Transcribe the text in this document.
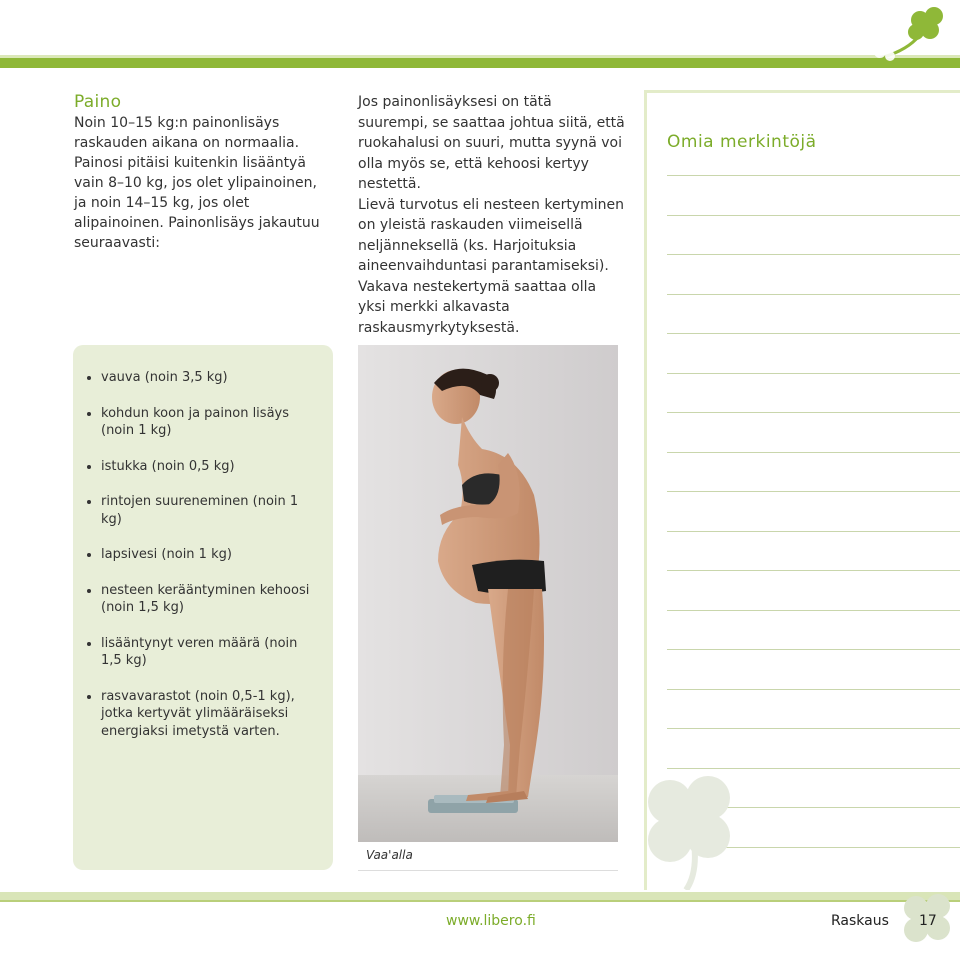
Paino

Noin 10–15 kg:n painonlisäys raskauden aikana on normaalia. Painosi pitäisi kuitenkin lisääntyä vain 8–10 kg, jos olet ylipainoinen, ja noin 14–15 kg, jos olet alipainoinen. Painonlisäys jakautuu seuraavasti:

Jos painonlisäyksesi on tätä suurempi, se saattaa johtua siitä, että ruokahalusi on suuri, mutta syynä voi olla myös se, että kehoosi kertyy nestettä.

Lievä turvotus eli nesteen kertyminen on yleistä raskauden viimeisellä neljänneksellä (ks. Harjoituksia aineenvaihduntasi parantamiseksi). Vakava nestekertymä saattaa olla yksi merkki alkavasta raskausmyrkytyksestä.

Omia merkintöjä
vauva (noin 3,5 kg)
kohdun koon ja painon lisäys (noin 1 kg)
istukka (noin 0,5 kg)
rintojen suureneminen (noin 1 kg)
lapsivesi (noin 1 kg)
nesteen kerääntyminen kehoosi (noin 1,5 kg)
lisääntynyt veren määrä (noin 1,5 kg)
rasvavarastot (noin 0,5-1 kg), jotka kertyvät ylimääräiseksi energiaksi imetystä varten.
Vaa'alla
www.libero.fi	Raskaus 17
